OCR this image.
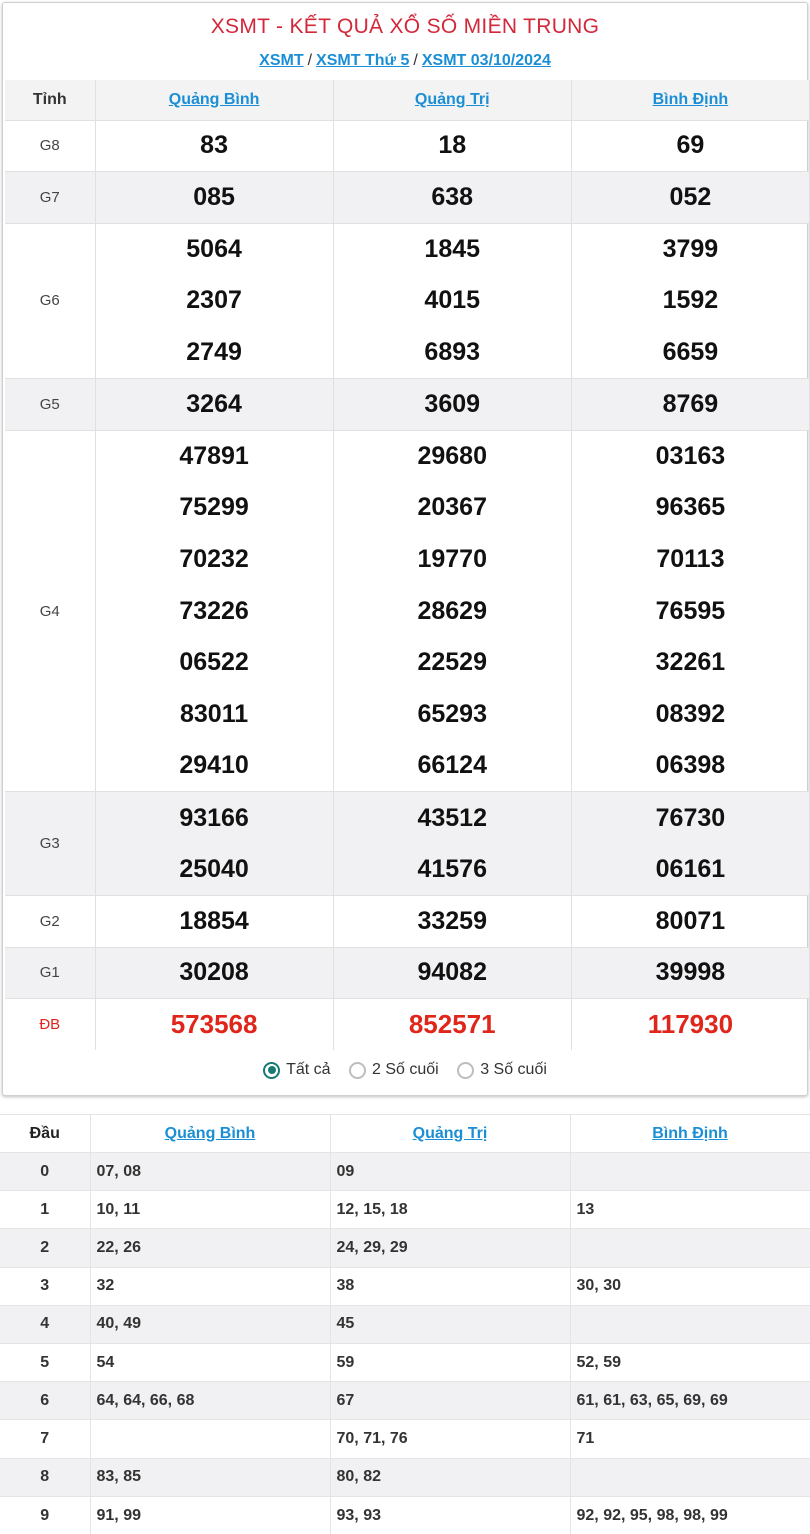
XSMT - KẾT QUẢ XỔ SỐ MIỀN TRUNG
XSMT / XSMT Thứ 5 / XSMT 03/10/2024
Tỉnh	Quảng Bình	Quảng Trị	Bình Định
G8	83	18	69
G7	085	638	052
G6	5064	1845	3799
	2307	4015	1592
	2749	6893	6659
G5	3264	3609	8769
G4	47891	29680	03163
	75299	20367	96365
	70232	19770	70113
	73226	28629	76595
	06522	22529	32261
	83011	65293	08392
	29410	66124	06398
G3	93166	43512	76730
	25040	41576	06161
G2	18854	33259	80071
G1	30208	94082	39998
ĐB	573568	852571	117930
Tất cả
	2 Số cuối
	3 Số cuối
Đầu	Quảng Bình	Quảng Trị	Bình Định
0	07, 08	09	
1	10, 11	12, 15, 18	13
2	22, 26	24, 29, 29	
3	32	38	30, 30
4	40, 49	45	
5	54	59	52, 59
6	64, 64, 66, 68	67	61, 61, 63, 65, 69, 69
7		70, 71, 76	71
8	83, 85	80, 82	
9	91, 99	93, 93	92, 92, 95, 98, 98, 99
